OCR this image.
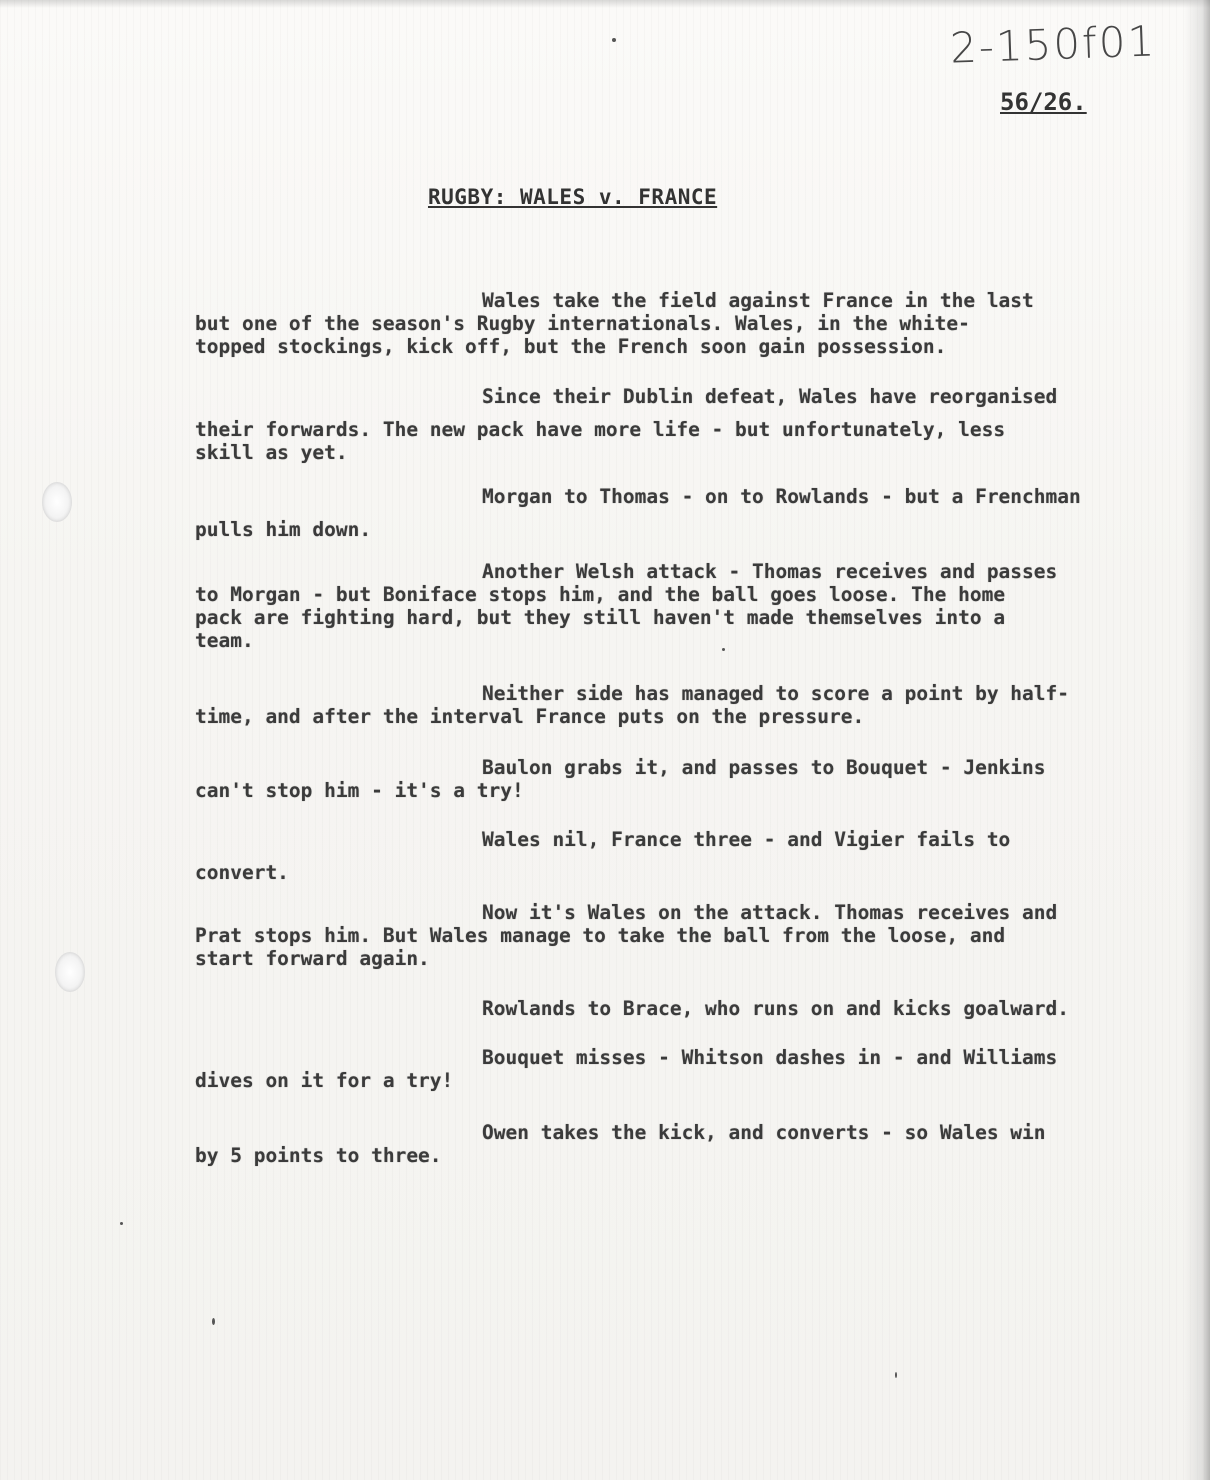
2-150f01
56/26.
RUGBY: WALES v. FRANCE
Wales take the field against France in the last
but one of the season's Rugby internationals. Wales, in the white-
topped stockings, kick off, but the French soon gain possession.
Since their Dublin defeat, Wales have reorganised
their forwards. The new pack have more life - but unfortunately, less
skill as yet.
Morgan to Thomas - on to Rowlands - but a Frenchman
pulls him down.
Another Welsh attack - Thomas receives and passes
to Morgan - but Boniface stops him, and the ball goes loose. The home
pack are fighting hard, but they still haven't made themselves into a
team.
Neither side has managed to score a point by half-
time, and after the interval France puts on the pressure.
Baulon grabs it, and passes to Bouquet - Jenkins
can't stop him - it's a try!
Wales nil, France three - and Vigier fails to
convert.
Now it's Wales on the attack. Thomas receives and
Prat stops him. But Wales manage to take the ball from the loose, and
start forward again.
Rowlands to Brace, who runs on and kicks goalward.
Bouquet misses - Whitson dashes in - and Williams
dives on it for a try!
Owen takes the kick, and converts - so Wales win
by 5 points to three.
